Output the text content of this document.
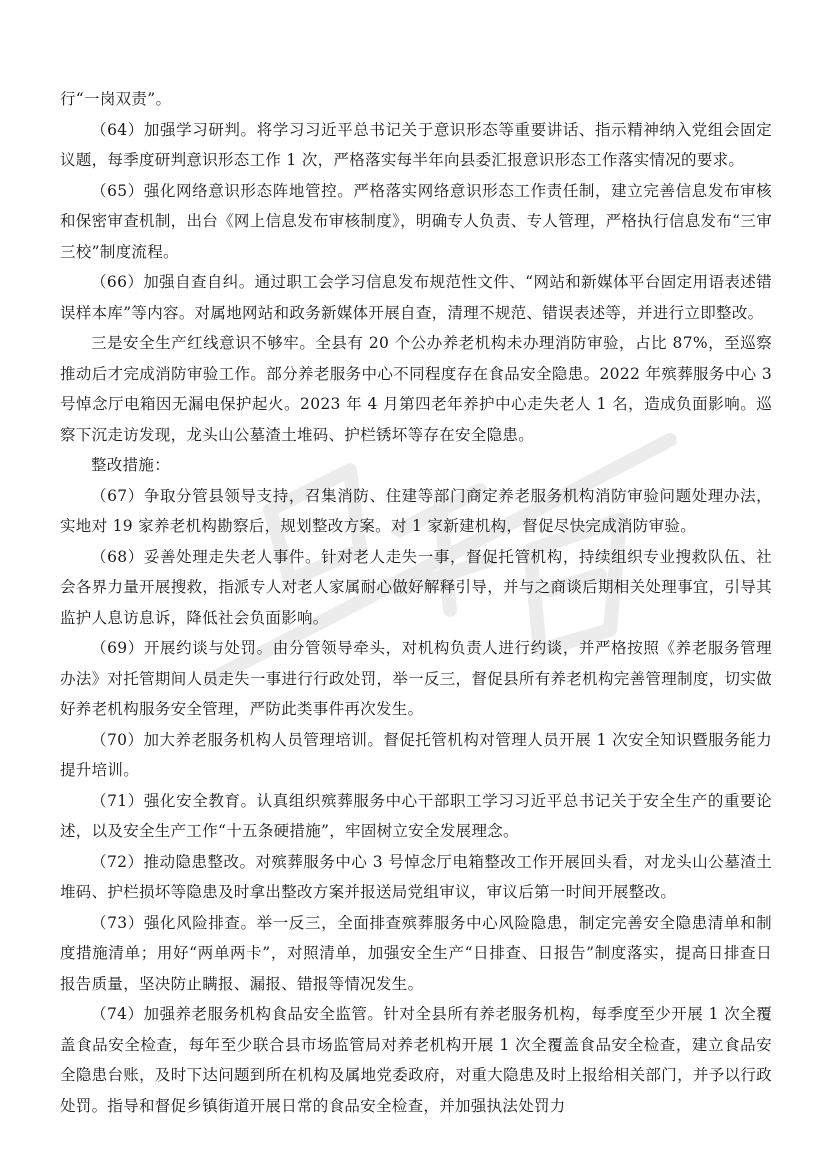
行“一岗双责”。

（64）加强学习研判。将学习习近平总书记关于意识形态等重要讲话、指示精神纳入党组会固定议题，每季度研判意识形态工作 1 次，严格落实每半年向县委汇报意识形态工作落实情况的要求。

（65）强化网络意识形态阵地管控。严格落实网络意识形态工作责任制，建立完善信息发布审核和保密审查机制，出台《网上信息发布审核制度》，明确专人负责、专人管理，严格执行信息发布“三审三校”制度流程。

（66）加强自查自纠。通过职工会学习信息发布规范性文件、“网站和新媒体平台固定用语表述错误样本库”等内容。对属地网站和政务新媒体开展自查，清理不规范、错误表述等，并进行立即整改。

三是安全生产红线意识不够牢。全县有 20 个公办养老机构未办理消防审验，占比 87%，至巡察推动后才完成消防审验工作。部分养老服务中心不同程度存在食品安全隐患。2022 年殡葬服务中心 3 号悼念厅电箱因无漏电保护起火。2023 年 4 月第四老年养护中心走失老人 1 名，造成负面影响。巡察下沉走访发现，龙头山公墓渣土堆码、护栏锈坏等存在安全隐患。

整改措施：

（67）争取分管县领导支持，召集消防、住建等部门商定养老服务机构消防审验问题处理办法，实地对 19 家养老机构勘察后，规划整改方案。对 1 家新建机构，督促尽快完成消防审验。

（68）妥善处理走失老人事件。针对老人走失一事，督促托管机构，持续组织专业搜救队伍、社会各界力量开展搜救，指派专人对老人家属耐心做好解释引导，并与之商谈后期相关处理事宜，引导其监护人息访息诉，降低社会负面影响。

（69）开展约谈与处罚。由分管领导牵头，对机构负责人进行约谈，并严格按照《养老服务管理办法》对托管期间人员走失一事进行行政处罚，举一反三，督促县所有养老机构完善管理制度，切实做好养老机构服务安全管理，严防此类事件再次发生。

（70）加大养老服务机构人员管理培训。督促托管机构对管理人员开展 1 次安全知识暨服务能力提升培训。

（71）强化安全教育。认真组织殡葬服务中心干部职工学习习近平总书记关于安全生产的重要论述，以及安全生产工作“十五条硬措施”，牢固树立安全发展理念。

（72）推动隐患整改。对殡葬服务中心 3 号悼念厅电箱整改工作开展回头看，对龙头山公墓渣土堆码、护栏损坏等隐患及时拿出整改方案并报送局党组审议，审议后第一时间开展整改。

（73）强化风险排查。举一反三，全面排查殡葬服务中心风险隐患，制定完善安全隐患清单和制度措施清单；用好“两单两卡”，对照清单，加强安全生产“日排查、日报告”制度落实，提高日排查日报告质量，坚决防止瞒报、漏报、错报等情况发生。

（74）加强养老服务机构食品安全监管。针对全县所有养老服务机构，每季度至少开展 1 次全覆盖食品安全检查，每年至少联合县市场监管局对养老机构开展 1 次全覆盖食品安全检查，建立食品安全隐患台账，及时下达问题到所在机构及属地党委政府，对重大隐患及时上报给相关部门，并予以行政处罚。指导和督促乡镇街道开展日常的食品安全检查，并加强执法处罚力
